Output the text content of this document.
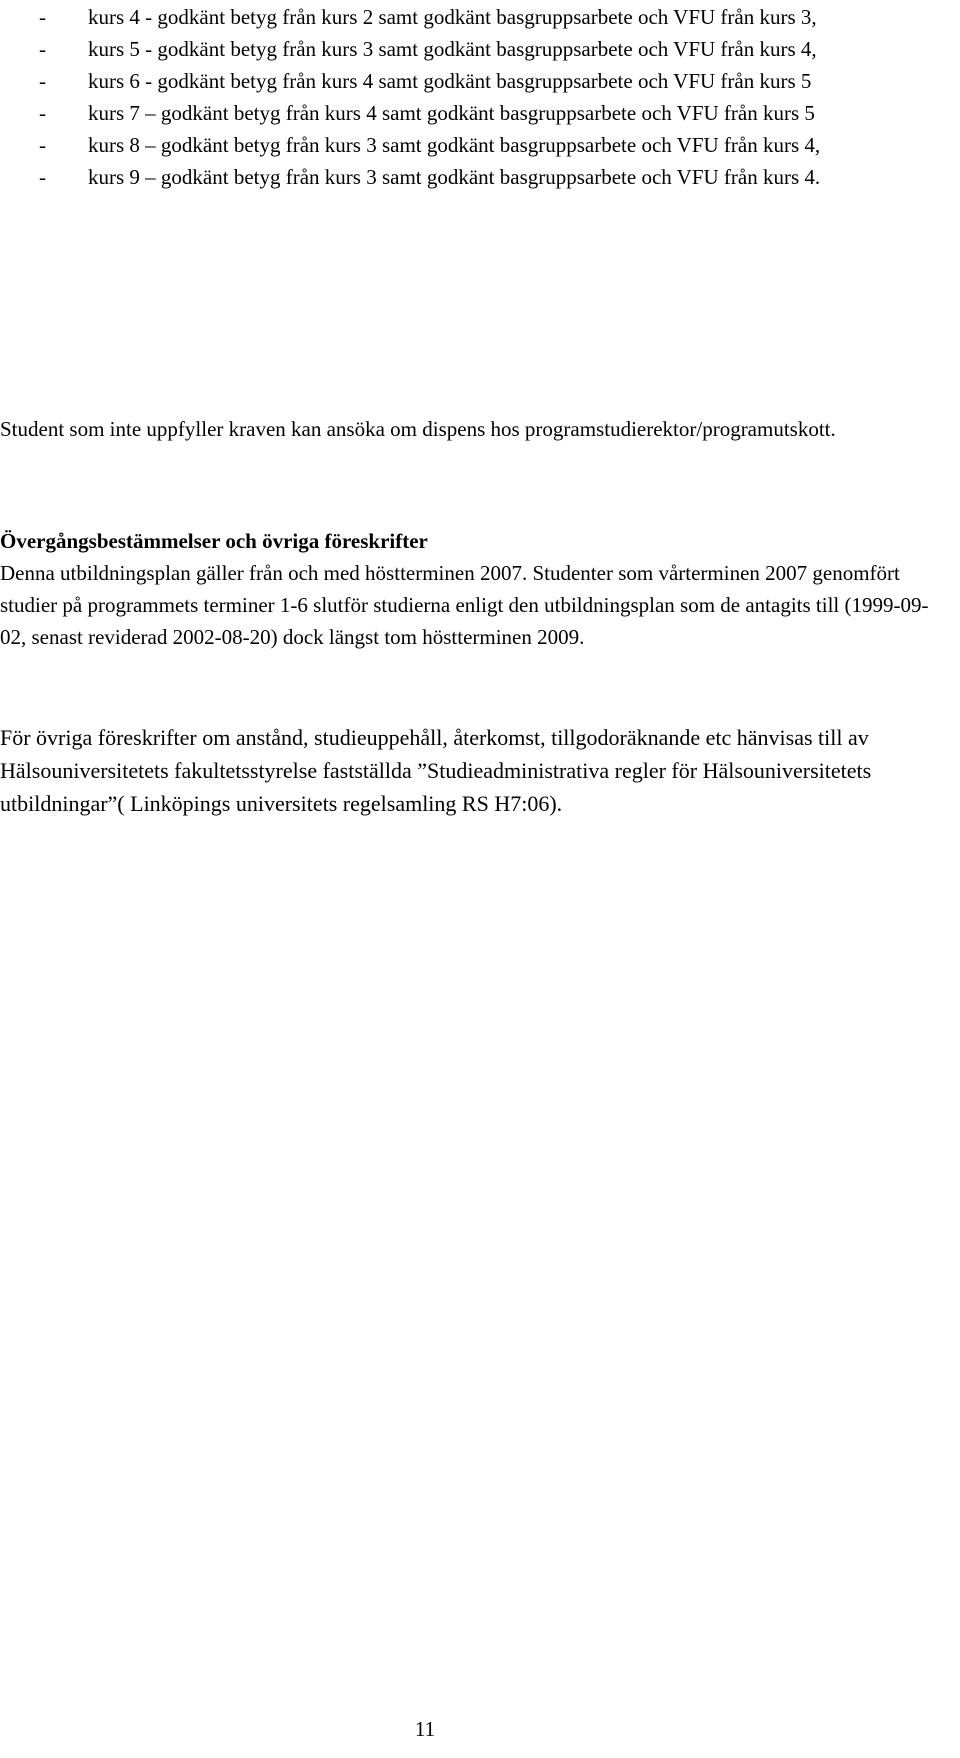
- kurs 4 - godkänt betyg från kurs 2 samt godkänt basgruppsarbete och VFU från kurs 3,
- kurs 5 - godkänt betyg från kurs 3 samt godkänt basgruppsarbete och VFU från kurs 4,
- kurs 6 - godkänt betyg från kurs 4 samt godkänt basgruppsarbete och VFU från kurs 5
- kurs 7 – godkänt betyg från kurs 4 samt godkänt basgruppsarbete och VFU från kurs 5
- kurs 8 – godkänt betyg från kurs 3 samt godkänt basgruppsarbete och VFU från kurs 4,
- kurs 9 – godkänt betyg från kurs 3 samt godkänt basgruppsarbete och VFU från kurs 4.

Student som inte uppfyller kraven kan ansöka om dispens hos programstudierektor/programutskott.

Övergångsbestämmelser och övriga föreskrifter

Denna utbildningsplan gäller från och med höstterminen 2007. Studenter som vårterminen 2007 genomfört studier på programmets terminer 1-6 slutför studierna enligt den utbildningsplan som de antagits till (1999-09-02, senast reviderad 2002-08-20) dock längst tom höstterminen 2009.

För övriga föreskrifter om anstånd, studieuppehåll, återkomst, tillgodoräknande etc hänvisas till av Hälsouniversitetets fakultetsstyrelse fastställda ”Studieadministrativa regler för Hälsouniversitetets utbildningar”( Linköpings universitets regelsamling RS H7:06).

11
